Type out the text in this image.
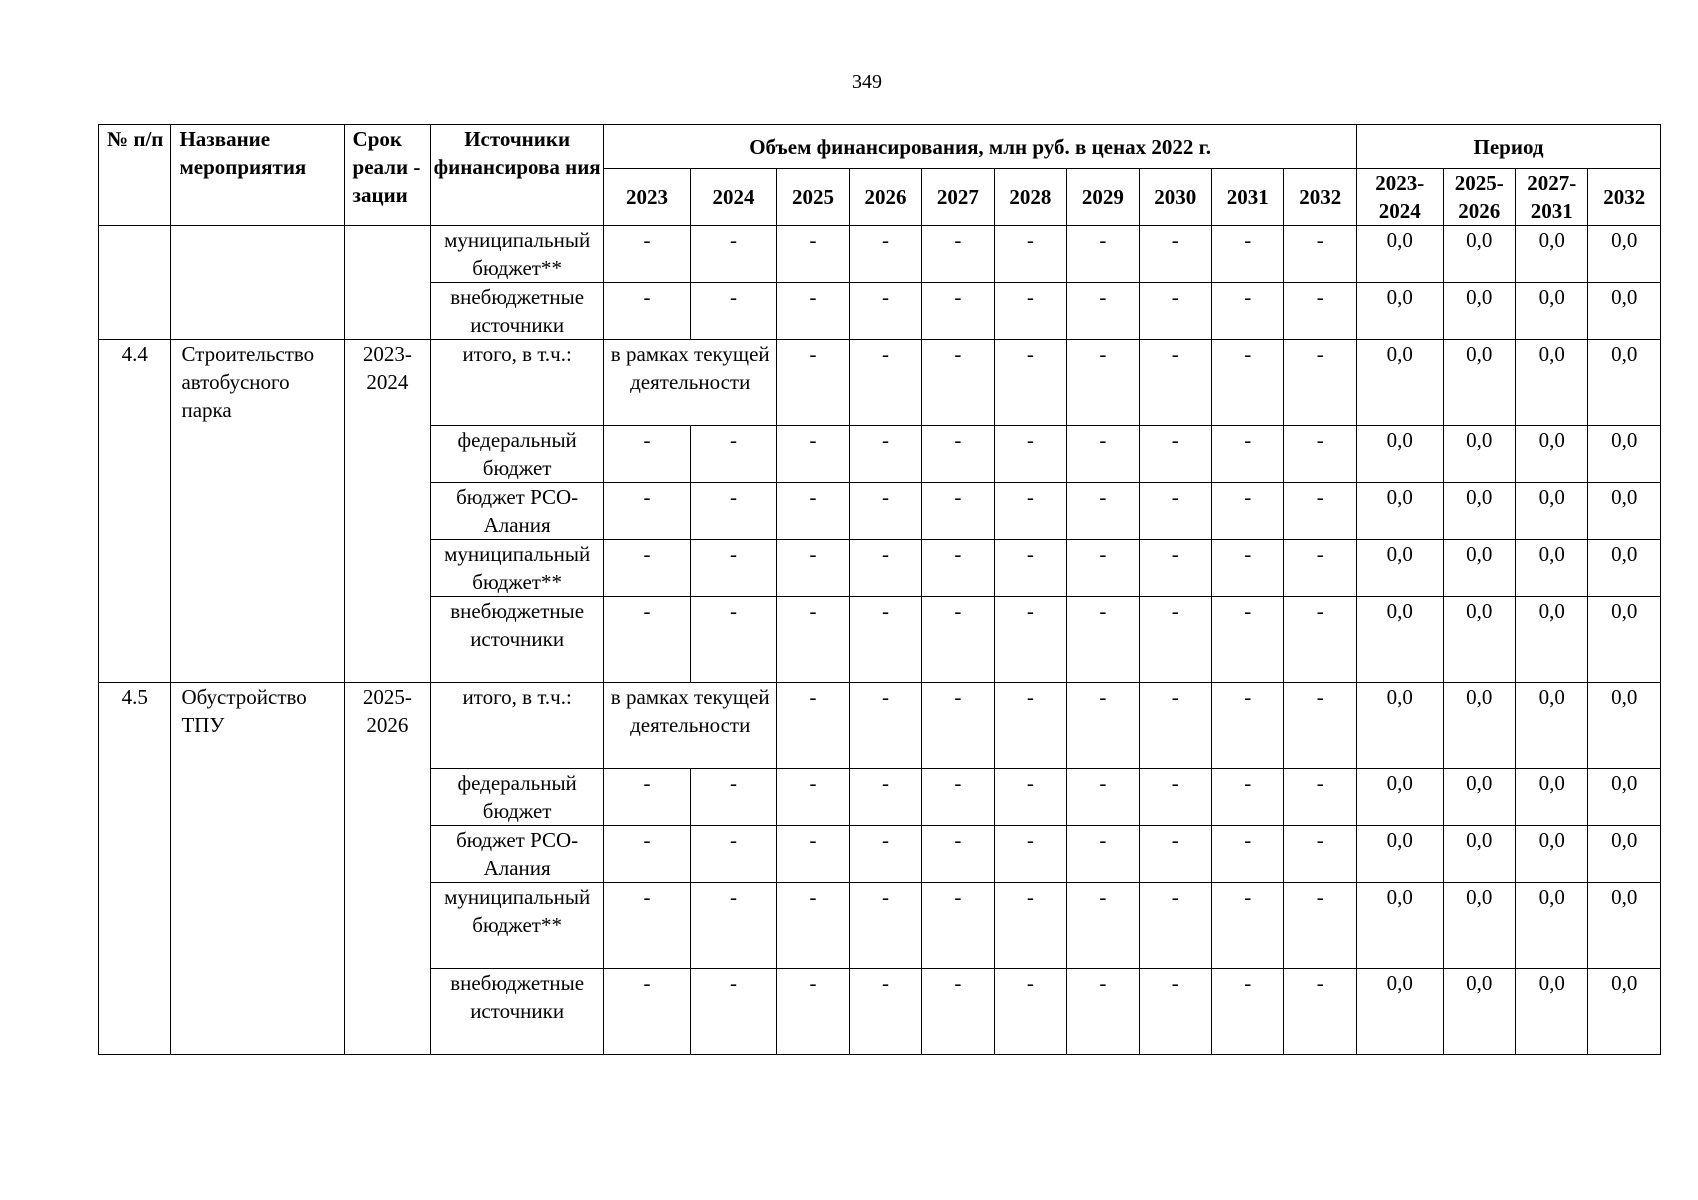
349
№ п/п	Название мероприятия	Срок реали - зации	Источники финансирова ния	Объем финансирования, млн руб. в ценах 2022 г.										Период			
				2023	2024	2025	2026	2027	2028	2029	2030	2031	2032	2023-2024	2025-2026	2027-2031	2032
			муниципальный бюджет**	-	-	-	-	-	-	-	-	-	-	0,0	0,0	0,0	0,0
			внебюджетные источники	-	-	-	-	-	-	-	-	-	-	0,0	0,0	0,0	0,0
4.4	Строительство автобусного парка	2023-2024	итого, в т.ч.:	в рамках текущей деятельности		-	-	-	-	-	-	-	-	0,0	0,0	0,0	0,0
			федеральный бюджет	-	-	-	-	-	-	-	-	-	-	0,0	0,0	0,0	0,0
			бюджет РСО-Алания	-	-	-	-	-	-	-	-	-	-	0,0	0,0	0,0	0,0
			муниципальный бюджет**	-	-	-	-	-	-	-	-	-	-	0,0	0,0	0,0	0,0
			внебюджетные источники	-	-	-	-	-	-	-	-	-	-	0,0	0,0	0,0	0,0
4.5	Обустройство ТПУ	2025-2026	итого, в т.ч.:	в рамках текущей деятельности		-	-	-	-	-	-	-	-	0,0	0,0	0,0	0,0
			федеральный бюджет	-	-	-	-	-	-	-	-	-	-	0,0	0,0	0,0	0,0
			бюджет РСО-Алания	-	-	-	-	-	-	-	-	-	-	0,0	0,0	0,0	0,0
			муниципальный бюджет**	-	-	-	-	-	-	-	-	-	-	0,0	0,0	0,0	0,0
			внебюджетные источники	-	-	-	-	-	-	-	-	-	-	0,0	0,0	0,0	0,0
